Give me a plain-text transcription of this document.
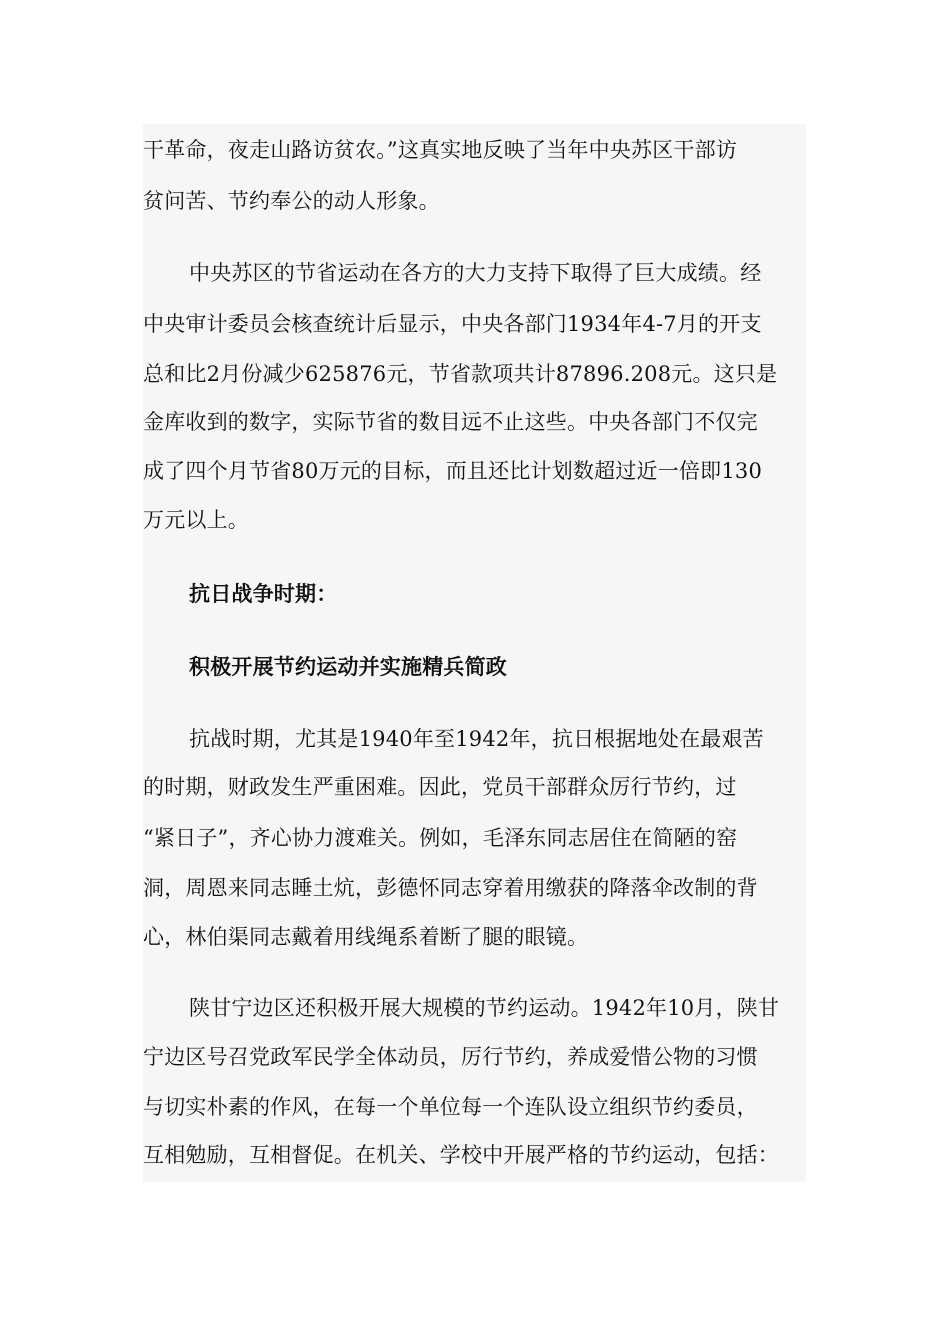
干革命，夜走山路访贫农。”这真实地反映了当年中央苏区干部访
贫问苦、节约奉公的动人形象。
中央苏区的节省运动在各方的大力支持下取得了巨大成绩。经
中央审计委员会核查统计后显示，中央各部门1934年4-7月的开支
总和比2月份减少625876元，节省款项共计87896.208元。这只是
金库收到的数字，实际节省的数目远不止这些。中央各部门不仅完
成了四个月节省80万元的目标，而且还比计划数超过近一倍即130
万元以上。
抗日战争时期：
积极开展节约运动并实施精兵简政
抗战时期，尤其是1940年至1942年，抗日根据地处在最艰苦
的时期，财政发生严重困难。因此，党员干部群众厉行节约，过
“紧日子”，齐心协力渡难关。例如，毛泽东同志居住在简陋的窑
洞，周恩来同志睡土炕，彭德怀同志穿着用缴获的降落伞改制的背
心，林伯渠同志戴着用线绳系着断了腿的眼镜。
陕甘宁边区还积极开展大规模的节约运动。1942年10月，陕甘
宁边区号召党政军民学全体动员，厉行节约，养成爱惜公物的习惯
与切实朴素的作风，在每一个单位每一个连队设立组织节约委员，
互相勉励，互相督促。在机关、学校中开展严格的节约运动，包括：
